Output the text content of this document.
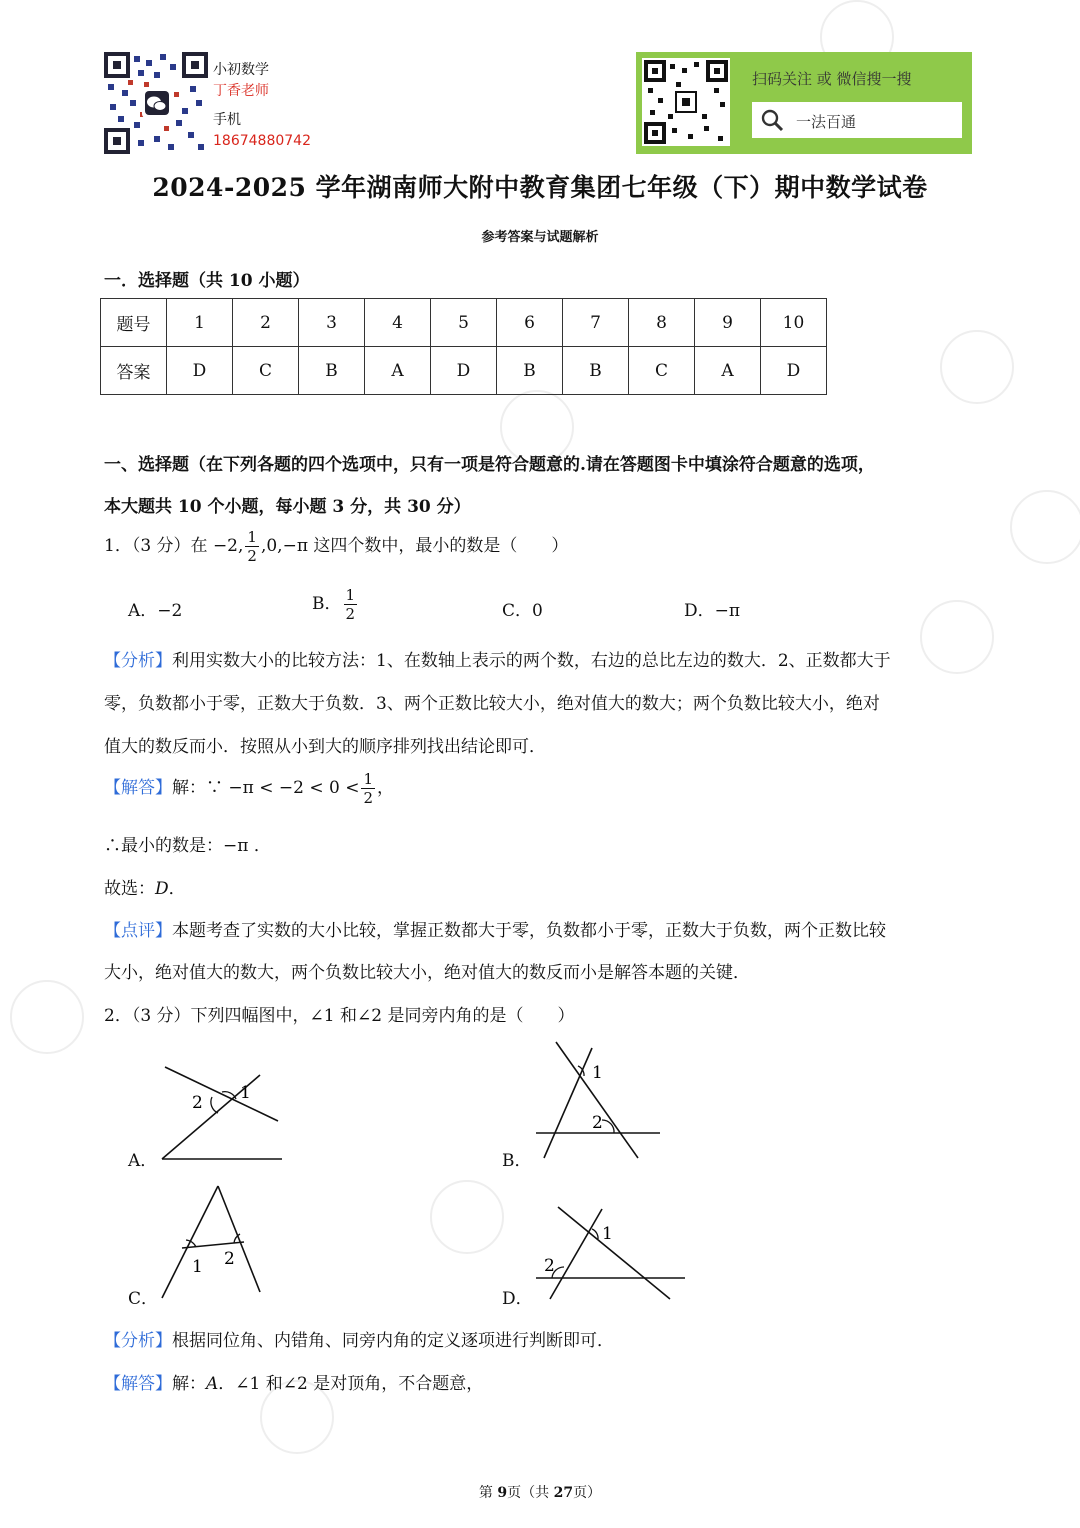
小初数学
丁香老师
手机
18674880742
扫码关注 或 微信搜一搜
一法百通
2024-2025 学年湖南师大附中教育集团七年级（下）期中数学试卷
参考答案与试题解析
一．选择题（共 10 小题）
题号	1	2	3	4	5	6	7	8	9	10
答案	D	C	B	A	D	B	B	C	A	D
一、选择题（在下列各题的四个选项中，只有一项是符合题意的.请在答题图卡中填涂符合题意的选项，
本大题共 10 个小题，每小题 3 分，共 30 分）
1．（3 分）在 −2, $\frac{1}{2} ,0,-\pi$ 这四个数中，最小的数是（　　）
A．−2	B． $\frac{1}{2}$	C．0	D．−π
【分析】利用实数大小的比较方法：1、在数轴上表示的两个数，右边的总比左边的数大．2、正数都大于
零，负数都小于零，正数大于负数．3、两个正数比较大小，绝对值大的数大；两个负数比较大小，绝对
值大的数反而小．按照从小到大的顺序排列找出结论即可．
【解答】解：∵ $-\pi < -2 < 0 < \frac{1}{2}$ ，
∴最小的数是：−π ．
故选：D．
【点评】本题考查了实数的大小比较，掌握正数都大于零，负数都小于零，正数大于负数，两个正数比较
大小，绝对值大的数大，两个负数比较大小，绝对值大的数反而小是解答本题的关键．
2．（3 分）下列四幅图中，∠1 和∠2 是同旁内角的是（　　）
1
2
A．
1
2
B．
1 2
C．
1
2
D．
【分析】根据同位角、内错角、同旁内角的定义逐项进行判断即可．
【解答】解：A．∠1 和∠2 是对顶角，不合题意，
第 9页（共 27页）
